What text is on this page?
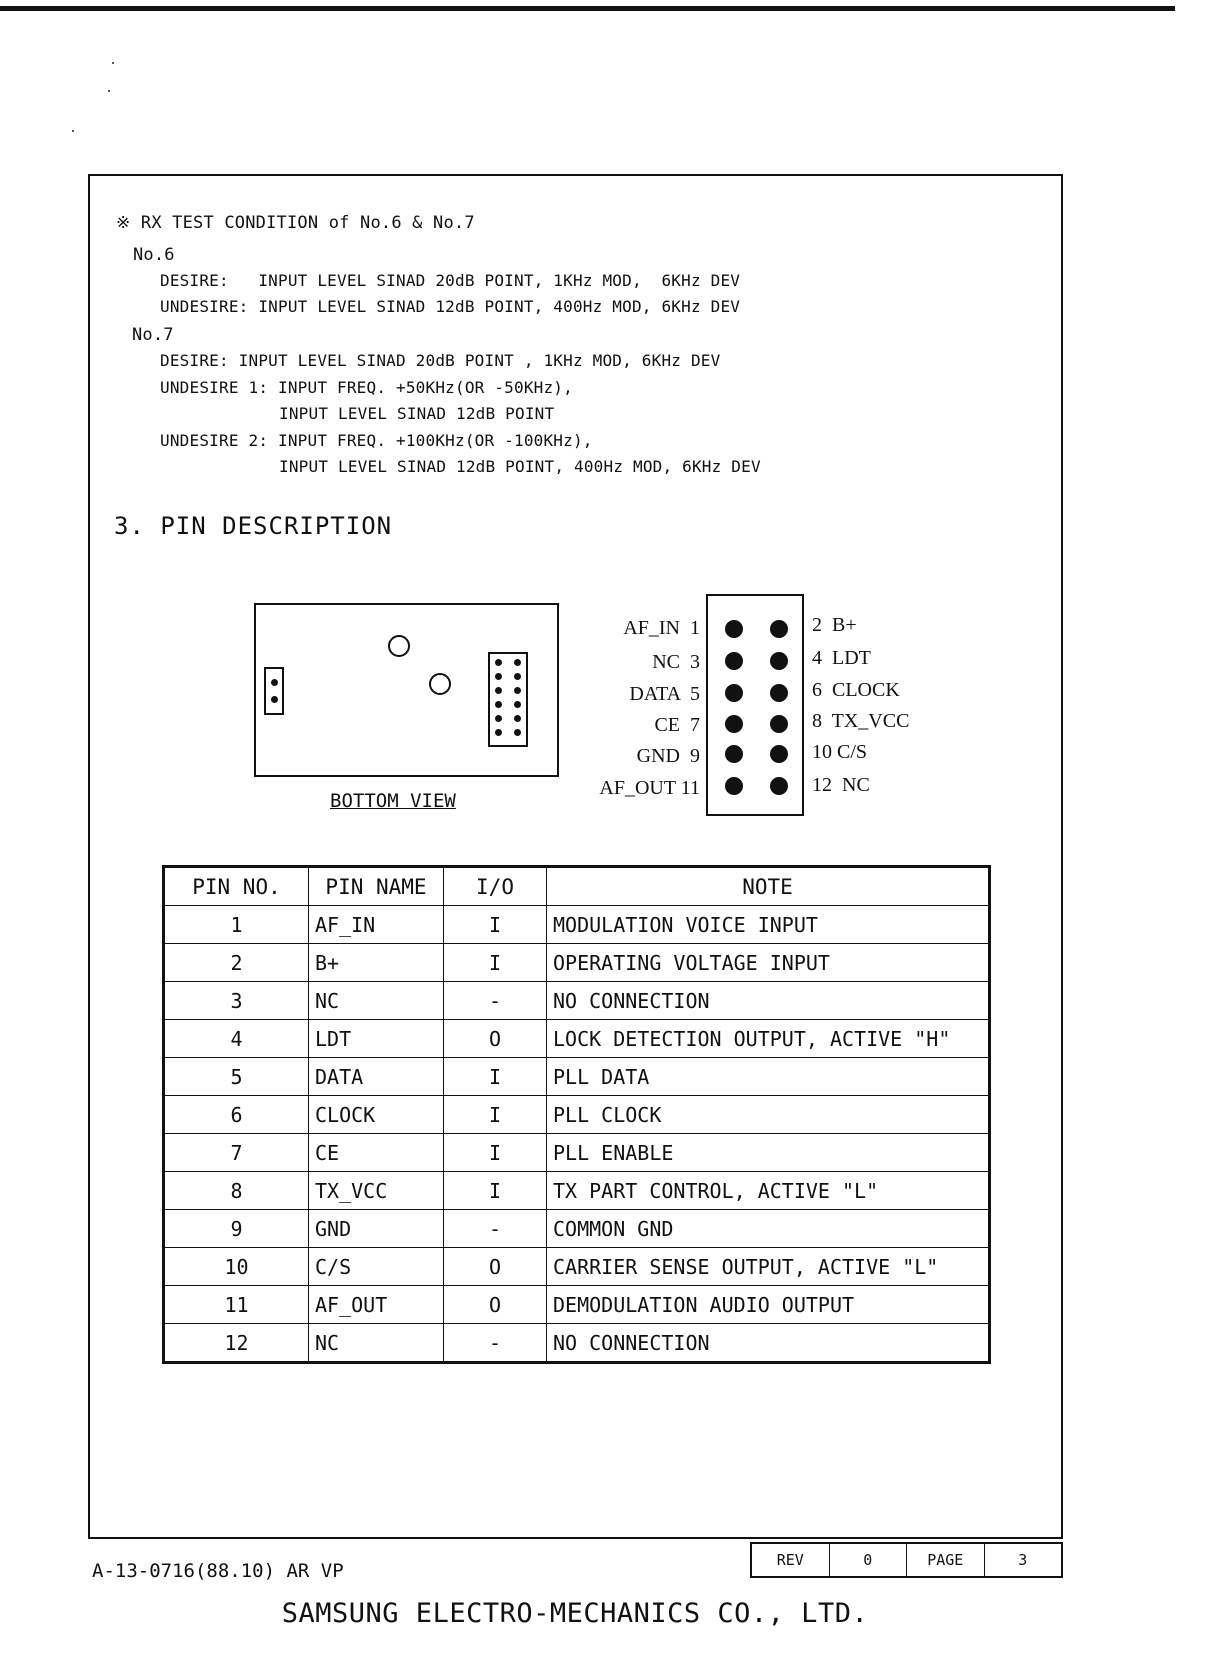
※ RX TEST CONDITION of No.6 & No.7
No.6
DESIRE:   INPUT LEVEL SINAD 20dB POINT, 1KHz MOD,  6KHz DEV
UNDESIRE: INPUT LEVEL SINAD 12dB POINT, 400Hz MOD, 6KHz DEV
No.7
DESIRE: INPUT LEVEL SINAD 20dB POINT , 1KHz MOD, 6KHz DEV
UNDESIRE 1: INPUT FREQ. +50KHz(OR -50KHz),
INPUT LEVEL SINAD 12dB POINT
UNDESIRE 2: INPUT FREQ. +100KHz(OR -100KHz),
INPUT LEVEL SINAD 12dB POINT, 400Hz MOD, 6KHz DEV
3. PIN DESCRIPTION
BOTTOM VIEW
AF_IN  1
NC  3
DATA  5
CE  7
GND  9
AF_OUT 11
2  B+
4  LDT
6  CLOCK
8  TX_VCC
10 C/S
12  NC
PIN NO.	PIN NAME	I/O	NOTE
1	AF_IN	I	MODULATION VOICE INPUT
2	B+	I	OPERATING VOLTAGE INPUT
3	NC	-	NO CONNECTION
4	LDT	O	LOCK DETECTION OUTPUT, ACTIVE "H"
5	DATA	I	PLL DATA
6	CLOCK	I	PLL CLOCK
7	CE	I	PLL ENABLE
8	TX_VCC	I	TX PART CONTROL, ACTIVE "L"
9	GND	-	COMMON GND
10	C/S	O	CARRIER SENSE OUTPUT, ACTIVE "L"
11	AF_OUT	O	DEMODULATION AUDIO OUTPUT
12	NC	-	NO CONNECTION
A-13-0716(88.10) AR VP	REV	0	PAGE	3
SAMSUNG ELECTRO-MECHANICS CO., LTD.
